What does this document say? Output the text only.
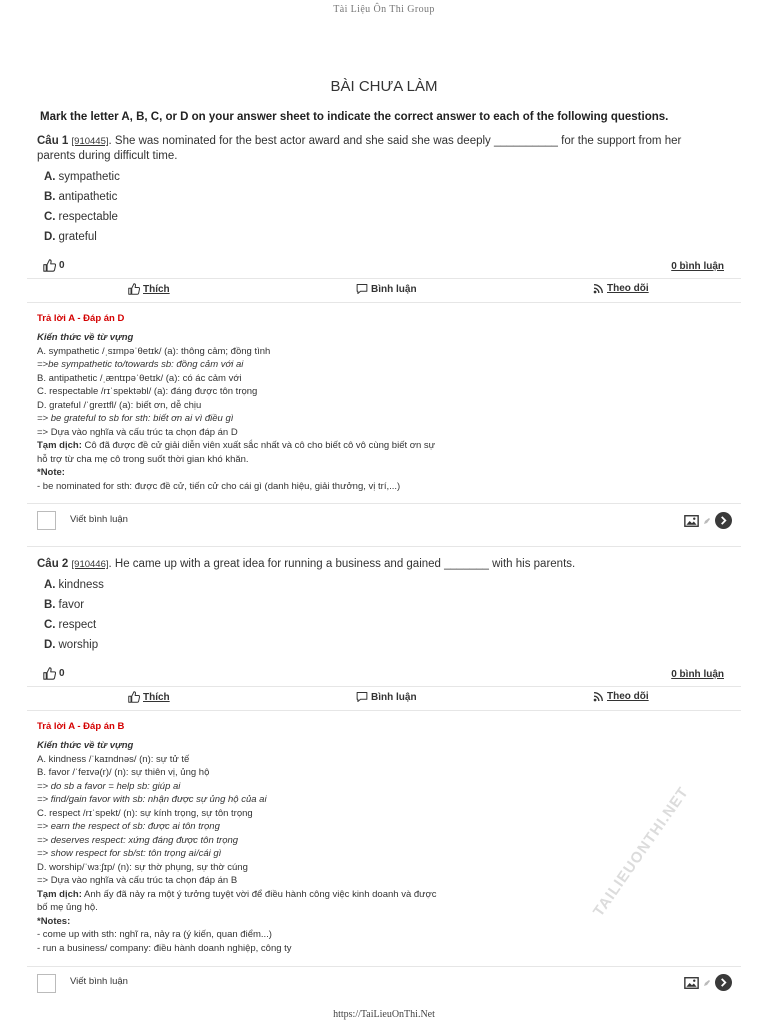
Tài Liệu Ôn Thi Group
BÀI CHƯA LÀM
Mark the letter A, B, C, or D on your answer sheet to indicate the correct answer to each of the following questions.
Câu 1 [910445]. She was nominated for the best actor award and she said she was deeply __________ for the support from her
parents during difficult time.
A. sympathetic
B. antipathetic
C. respectable
D. grateful
0	0 bình luận
Thích	Bình luận	Theo dõi
Trả lời A - Đáp án D
Kiến thức về từ vựng
A. sympathetic /ˌsɪmpəˈθetɪk/ (a): thông cảm; đồng tình
=>be sympathetic to/towards sb: đồng cảm với ai
B. antipathetic /ˌæntɪpəˈθetɪk/ (a): có ác cảm với
C. respectable /rɪˈspektəbl/ (a): đáng được tôn trọng
D. grateful /ˈɡreɪtfl/ (a): biết ơn, dễ chịu
=> be grateful to sb for sth: biết ơn ai vì điều gì
=> Dựa vào nghĩa và cấu trúc ta chọn đáp án D
Tạm dịch: Cô đã được đề cử giải diễn viên xuất sắc nhất và cô cho biết cô vô cùng biết ơn sự
hỗ trợ từ cha mẹ cô trong suốt thời gian khó khăn.
*Note:
- be nominated for sth: được đề cử, tiến cử cho cái gì (danh hiệu, giải thưởng, vị trí,...)
Viết bình luận
Câu 2 [910446]. He came up with a great idea for running a business and gained _______ with his parents.
A. kindness
B. favor
C. respect
D. worship
0	0 bình luận
Thích	Bình luận	Theo dõi
Trả lời A - Đáp án B
Kiến thức về từ vựng
A. kindness /ˈkaɪndnəs/ (n): sự tử tế
B. favor /ˈfeɪvə(r)/ (n): sự thiên vị, ủng hộ
=> do sb a favor = help sb: giúp ai
=> find/gain favor with sb: nhận được sự ủng hộ của ai
C. respect /rɪˈspekt/ (n): sự kính trọng, sự tôn trọng
=> earn the respect of sb: được ai tôn trọng
=> deserves respect: xứng đáng được tôn trọng
=> show respect for sb/st: tôn trọng ai/cái gì
D. worship/ˈwɜːʃɪp/ (n): sự thờ phụng, sự thờ cúng
=> Dựa vào nghĩa và cấu trúc ta chọn đáp án B
Tạm dịch: Anh ấy đã nảy ra một ý tưởng tuyệt vời để điều hành công việc kinh doanh và được
bố mẹ ủng hộ.
*Notes:
- come up with sth: nghĩ ra, nảy ra (ý kiến, quan điểm...)
- run a business/ company: điều hành doanh nghiệp, công ty
Viết bình luận
TAILIEUONTHI.NET
https://TaiLieuOnThi.Net
